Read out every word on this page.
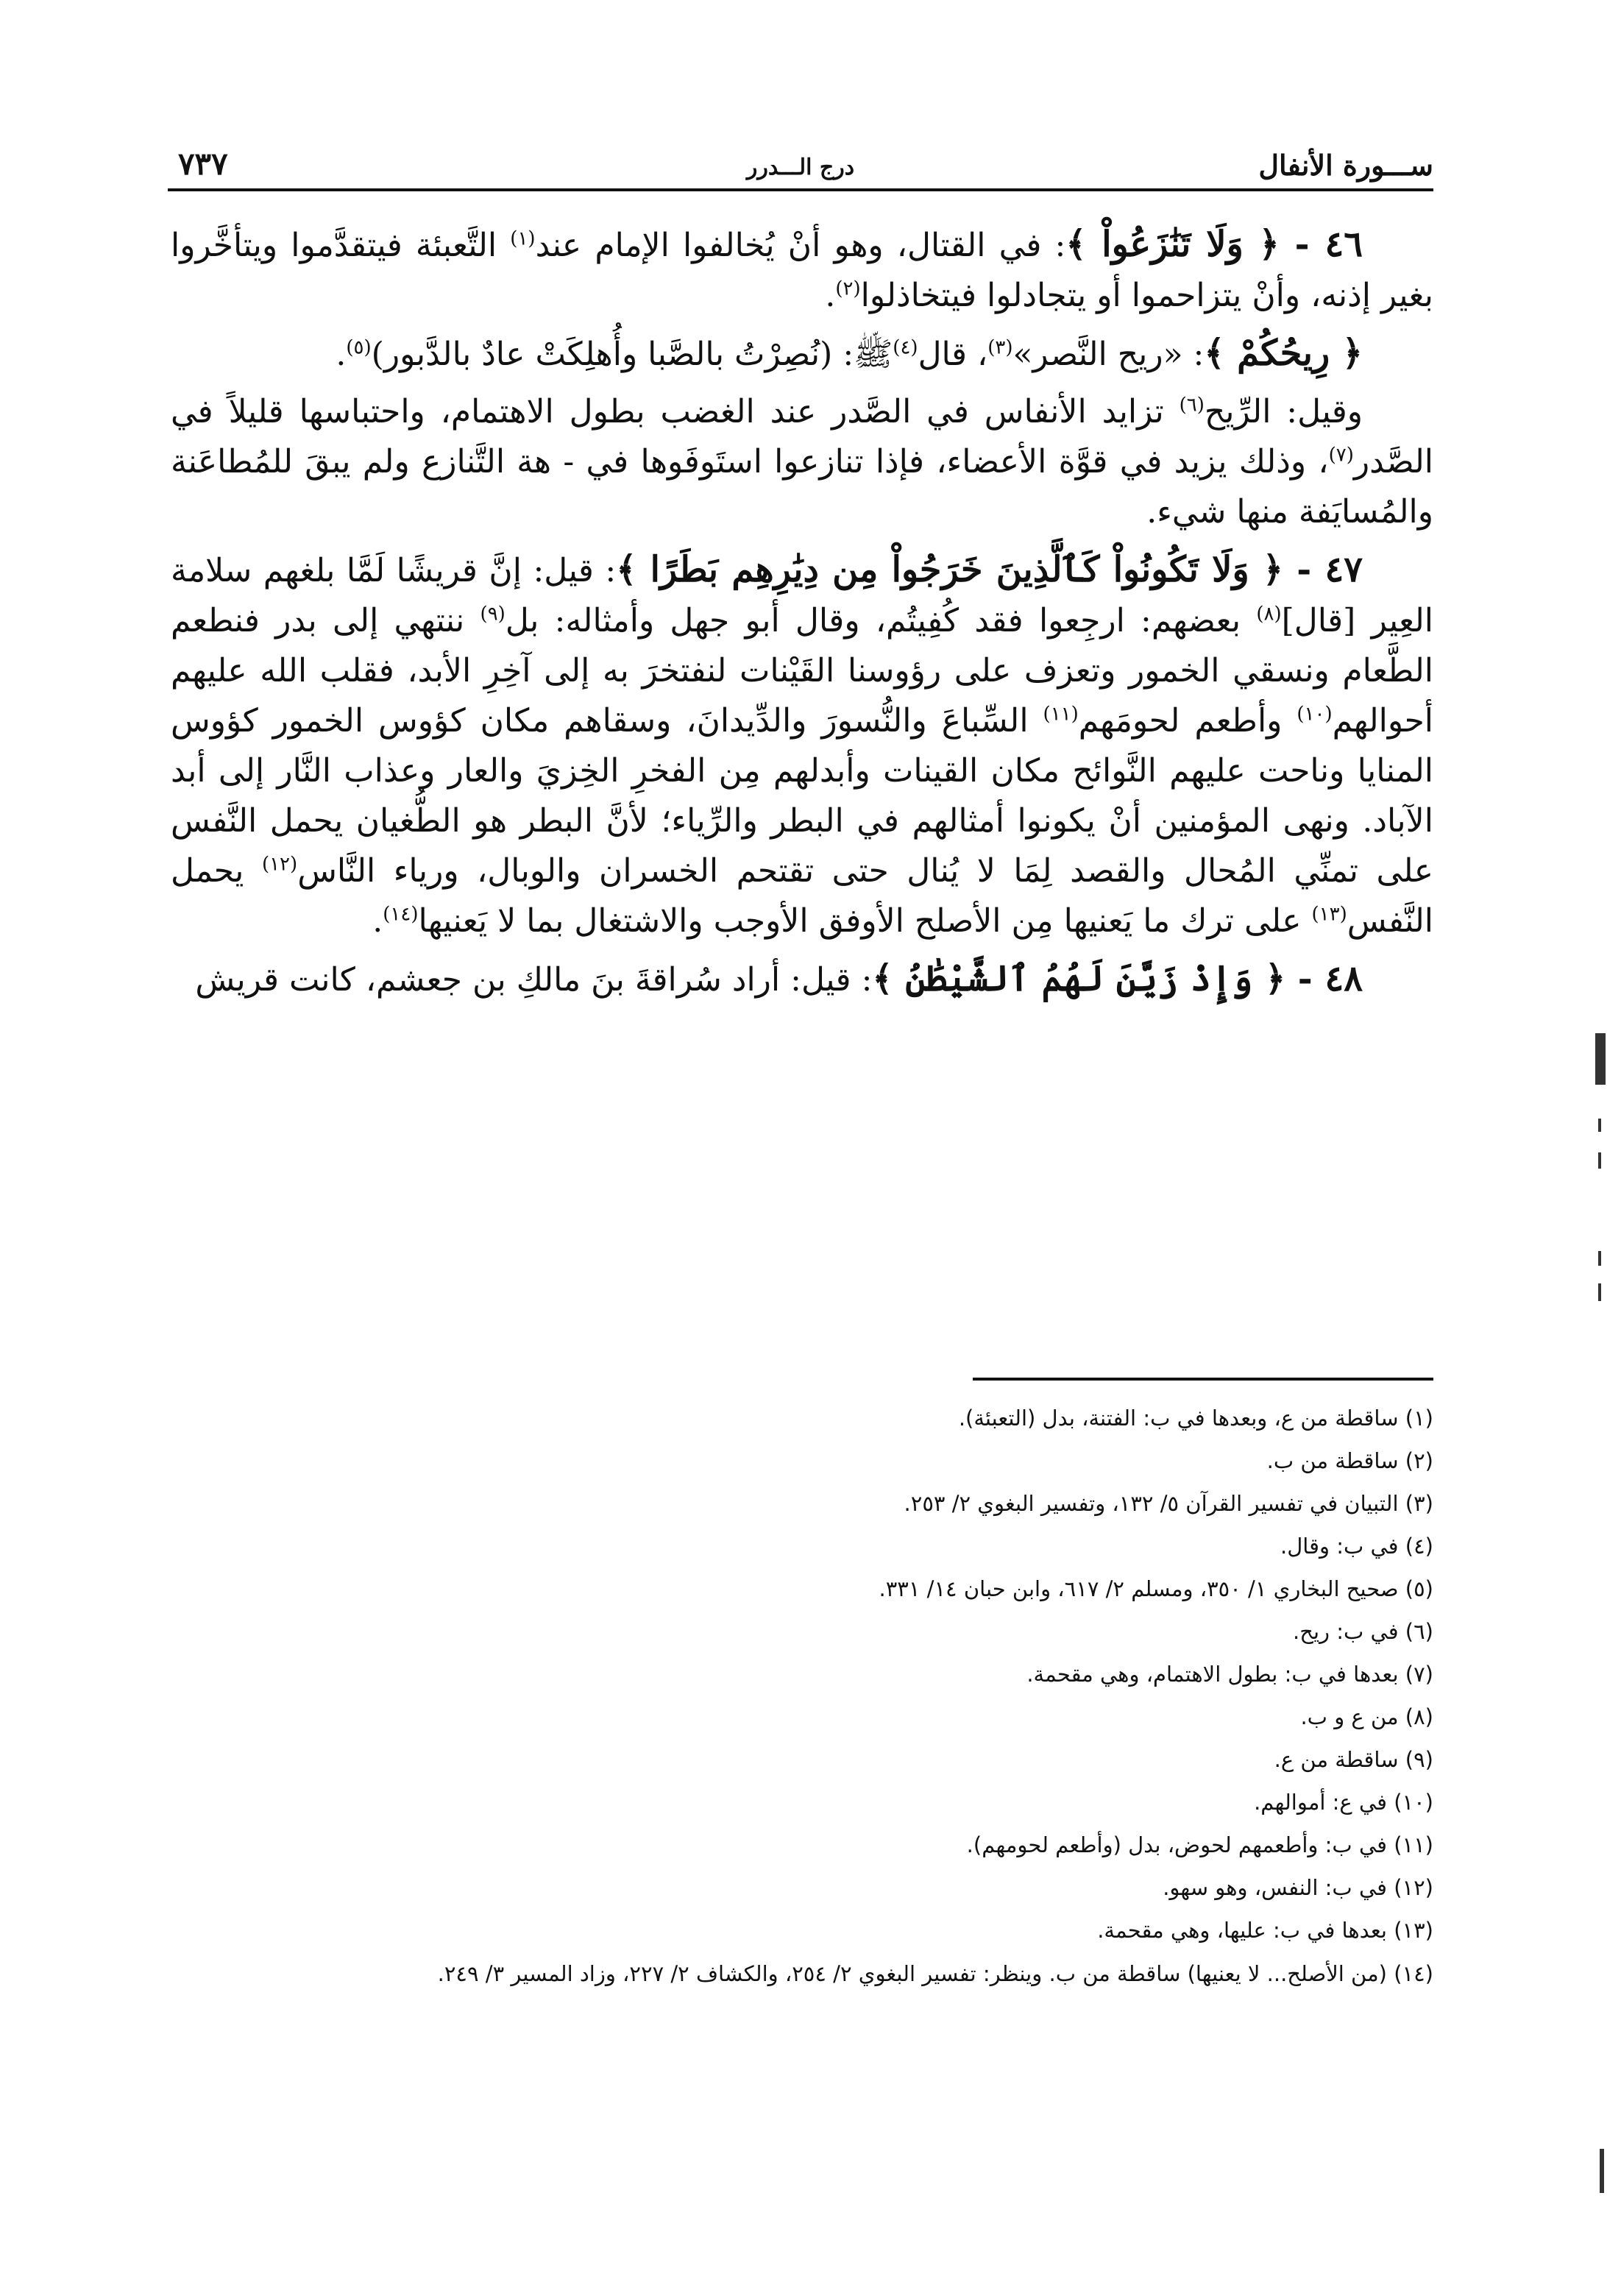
ســـورة الأنفال
درج الـــدرر
٧٣٧

٤٦ - ﴿ وَلَا تَنَٰزَعُواْ ﴾: في القتال، وهو أنْ يُخالفوا الإمام عند$^{(١)}$ التَّعبئة فيتقدَّموا ويتأخَّروا بغير إذنه، وأنْ يتزاحموا أو يتجادلوا فيتخاذلوا$^{(٢)}$.

﴿ رِيحُكُمْ ﴾: «ريح النَّصر»$^{(٣)}$، قال$^{(٤)}$ﷺ: (نُصِرْتُ بالصَّبا وأُهلِكَتْ عادٌ بالدَّبور)$^{(٥)}$.

وقيل: الرِّيح$^{(٦)}$ تزايد الأنفاس في الصَّدر عند الغضب بطول الاهتمام، واحتباسها قليلاً في الصَّدر$^{(٧)}$، وذلك يزيد في قوَّة الأعضاء، فإذا تنازعوا استَوفَوها في - هة التَّنازع ولم يبقَ للمُطاعَنة والمُسايَفة منها شيء.

٤٧ - ﴿ وَلَا تَكُونُواْ كَٱلَّذِينَ خَرَجُواْ مِن دِيَٰرِهِم بَطَرًا ﴾: قيل: إنَّ قريشًا لَمَّا بلغهم سلامة العِير [قال]$^{(٨)}$ بعضهم: ارجِعوا فقد كُفِيتُم، وقال أبو جهل وأمثاله: بل$^{(٩)}$ ننتهي إلى بدر فنطعم الطَّعام ونسقي الخمور وتعزف على رؤوسنا القَيْنات لنفتخرَ به إلى آخِرِ الأبد، فقلب الله عليهم أحوالهم$^{(١٠)}$ وأطعم لحومَهم$^{(١١)}$ السِّباعَ والنُّسورَ والدِّيدانَ، وسقاهم مكان كؤوس الخمور كؤوس المنايا وناحت عليهم النَّوائح مكان القينات وأبدلهم مِن الفخرِ الخِزيَ والعار وعذاب النَّار إلى أبد الآباد. ونهى المؤمنين أنْ يكونوا أمثالهم في البطر والرِّياء؛ لأنَّ البطر هو الطُّغيان يحمل النَّفس على تمنِّي المُحال والقصد لِمَا لا يُنال حتى تقتحم الخسران والوبال، ورياء النَّاس$^{(١٢)}$ يحمل النَّفس$^{(١٣)}$ على ترك ما يَعنيها مِن الأصلح الأوفق الأوجب والاشتغال بما لا يَعنيها$^{(١٤)}$.

٤٨ - ﴿ وَإِذْ زَيَّنَ لَهُمُ ٱلشَّيْطَٰنُ ﴾: قيل: أراد سُراقةَ بنَ مالكِ بن جعشم، كانت قريش

(١) ساقطة من ع، وبعدها في ب: الفتنة، بدل (التعبئة).
(٢) ساقطة من ب.
(٣) التبيان في تفسير القرآن ٥/ ١٣٢، وتفسير البغوي ٢/ ٢٥٣.
(٤) في ب: وقال.
(٥) صحيح البخاري ١/ ٣٥٠، ومسلم ٢/ ٦١٧، وابن حبان ١٤/ ٣٣١.
(٦) في ب: ريح.
(٧) بعدها في ب: بطول الاهتمام، وهي مقحمة.
(٨) من ع و ب.
(٩) ساقطة من ع.
(١٠) في ع: أموالهم.
(١١) في ب: وأطعمهم لحوض، بدل (وأطعم لحومهم).
(١٢) في ب: النفس، وهو سهو.
(١٣) بعدها في ب: عليها، وهي مقحمة.
(١٤) (من الأصلح... لا يعنيها) ساقطة من ب. وينظر: تفسير البغوي ٢/ ٢٥٤، والكشاف ٢/ ٢٢٧، وزاد المسير ٣/ ٢٤٩.
